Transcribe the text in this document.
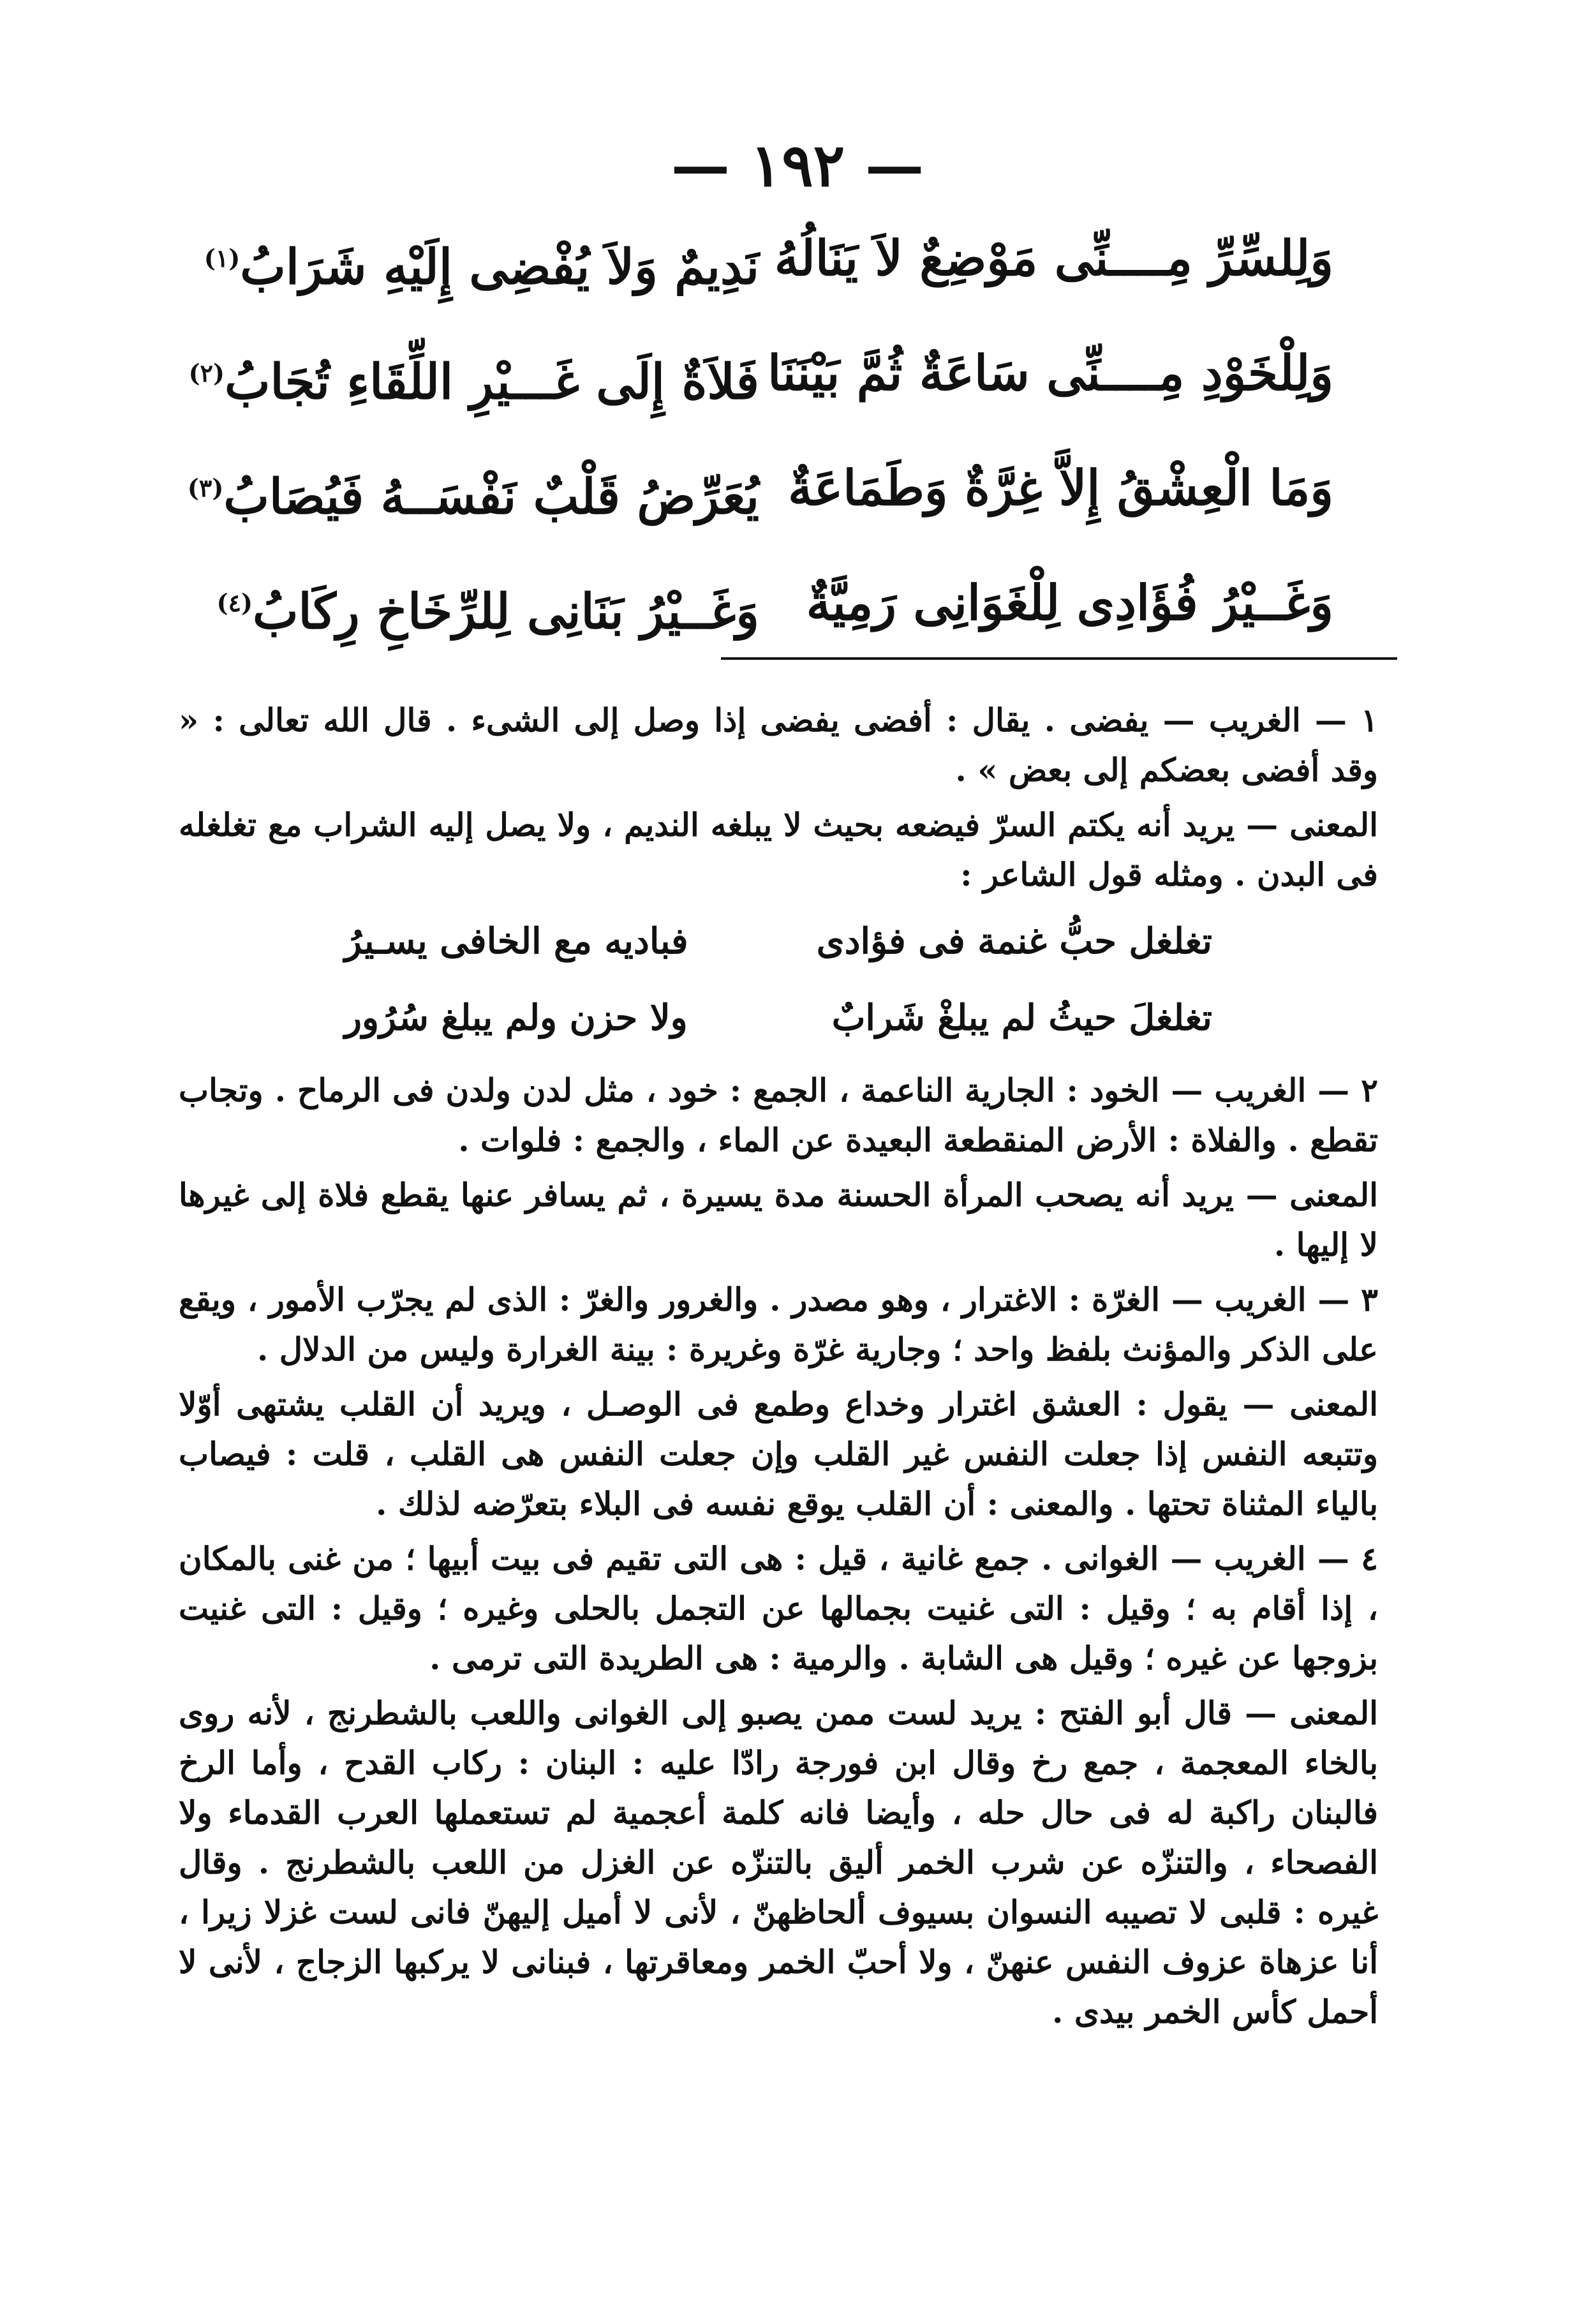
— ١٩٢ —
وَلِلسِّرِّ مِــــنِّى مَوْضِعٌ لاَ يَنَالُهُ
نَدِيمٌ وَلاَ يُفْضِى إِلَيْهِ شَرَابُ$^{(١)}$
وَلِلْخَوْدِ مِــــنِّى سَاعَةٌ ثُمَّ بَيْنَنَا
فَلاَةٌ إِلَى غَـــيْرِ اللِّقَاءِ تُجَابُ$^{(٢)}$
وَمَا الْعِشْقُ إِلاَّ غِرَّةٌ وَطَمَاعَةٌ
يُعَرِّضُ قَلْبٌ نَفْسَــهُ فَيُصَابُ$^{(٣)}$
وَغَــيْرُ فُؤَادِى لِلْغَوَانِى رَمِيَّةٌ
وَغَــيْرُ بَنَانِى لِلرِّخَاخِ رِكَابُ$^{(٤)}$

١ — الغريب — يفضى . يقال : أفضى يفضى إذا وصل إلى الشىء . قال الله تعالى : « وقد أفضى بعضكم إلى بعض » .

المعنى — يريد أنه يكتم السرّ فيضعه بحيث لا يبلغه النديم ، ولا يصل إليه الشراب مع تغلغله فى البدن . ومثله قول الشاعر :

تغلغل حبُّ غنمة فى فؤادى
فباديه مع الخافى يسـيرُ
تغلغلَ حيثُ لم يبلغْ شَرابٌ
ولا حزن ولم يبلغ سُرُور

٢ — الغريب — الخود : الجارية الناعمة ، الجمع : خود ، مثل لدن ولدن فى الرماح . وتجاب تقطع . والفلاة : الأرض المنقطعة البعيدة عن الماء ، والجمع : فلوات .

المعنى — يريد أنه يصحب المرأة الحسنة مدة يسيرة ، ثم يسافر عنها يقطع فلاة إلى غيرها لا إليها .

٣ — الغريب — الغرّة : الاغترار ، وهو مصدر . والغرور والغرّ : الذى لم يجرّب الأمور ، ويقع على الذكر والمؤنث بلفظ واحد ؛ وجارية غرّة وغريرة : بينة الغرارة وليس من الدلال .

المعنى — يقول : العشق اغترار وخداع وطمع فى الوصـل ، ويريد أن القلب يشتهى أوّلا وتتبعه النفس إذا جعلت النفس غير القلب وإن جعلت النفس هى القلب ، قلت : فيصاب بالياء المثناة تحتها . والمعنى : أن القلب يوقع نفسه فى البلاء بتعرّضه لذلك .

٤ — الغريب — الغوانى . جمع غانية ، قيل : هى التى تقيم فى بيت أبيها ؛ من غنى بالمكان ، إذا أقام به ؛ وقيل : التى غنيت بجمالها عن التجمل بالحلى وغيره ؛ وقيل : التى غنيت بزوجها عن غيره ؛ وقيل هى الشابة . والرمية : هى الطريدة التى ترمى .

المعنى — قال أبو الفتح : يريد لست ممن يصبو إلى الغوانى واللعب بالشطرنج ، لأنه روى بالخاء المعجمة ، جمع رخ وقال ابن فورجة رادّا عليه : البنان : ركاب القدح ، وأما الرخ فالبنان راكبة له فى حال حله ، وأيضا فانه كلمة أعجمية لم تستعملها العرب القدماء ولا الفصحاء ، والتنزّه عن شرب الخمر أليق بالتنزّه عن الغزل من اللعب بالشطرنج . وقال غيره : قلبى لا تصيبه النسوان بسيوف ألحاظهنّ ، لأنى لا أميل إليهنّ فانى لست غزلا زيرا ، أنا عزهاة عزوف النفس عنهنّ ، ولا أحبّ الخمر ومعاقرتها ، فبنانى لا يركبها الزجاج ، لأنى لا أحمل كأس الخمر بيدى .
